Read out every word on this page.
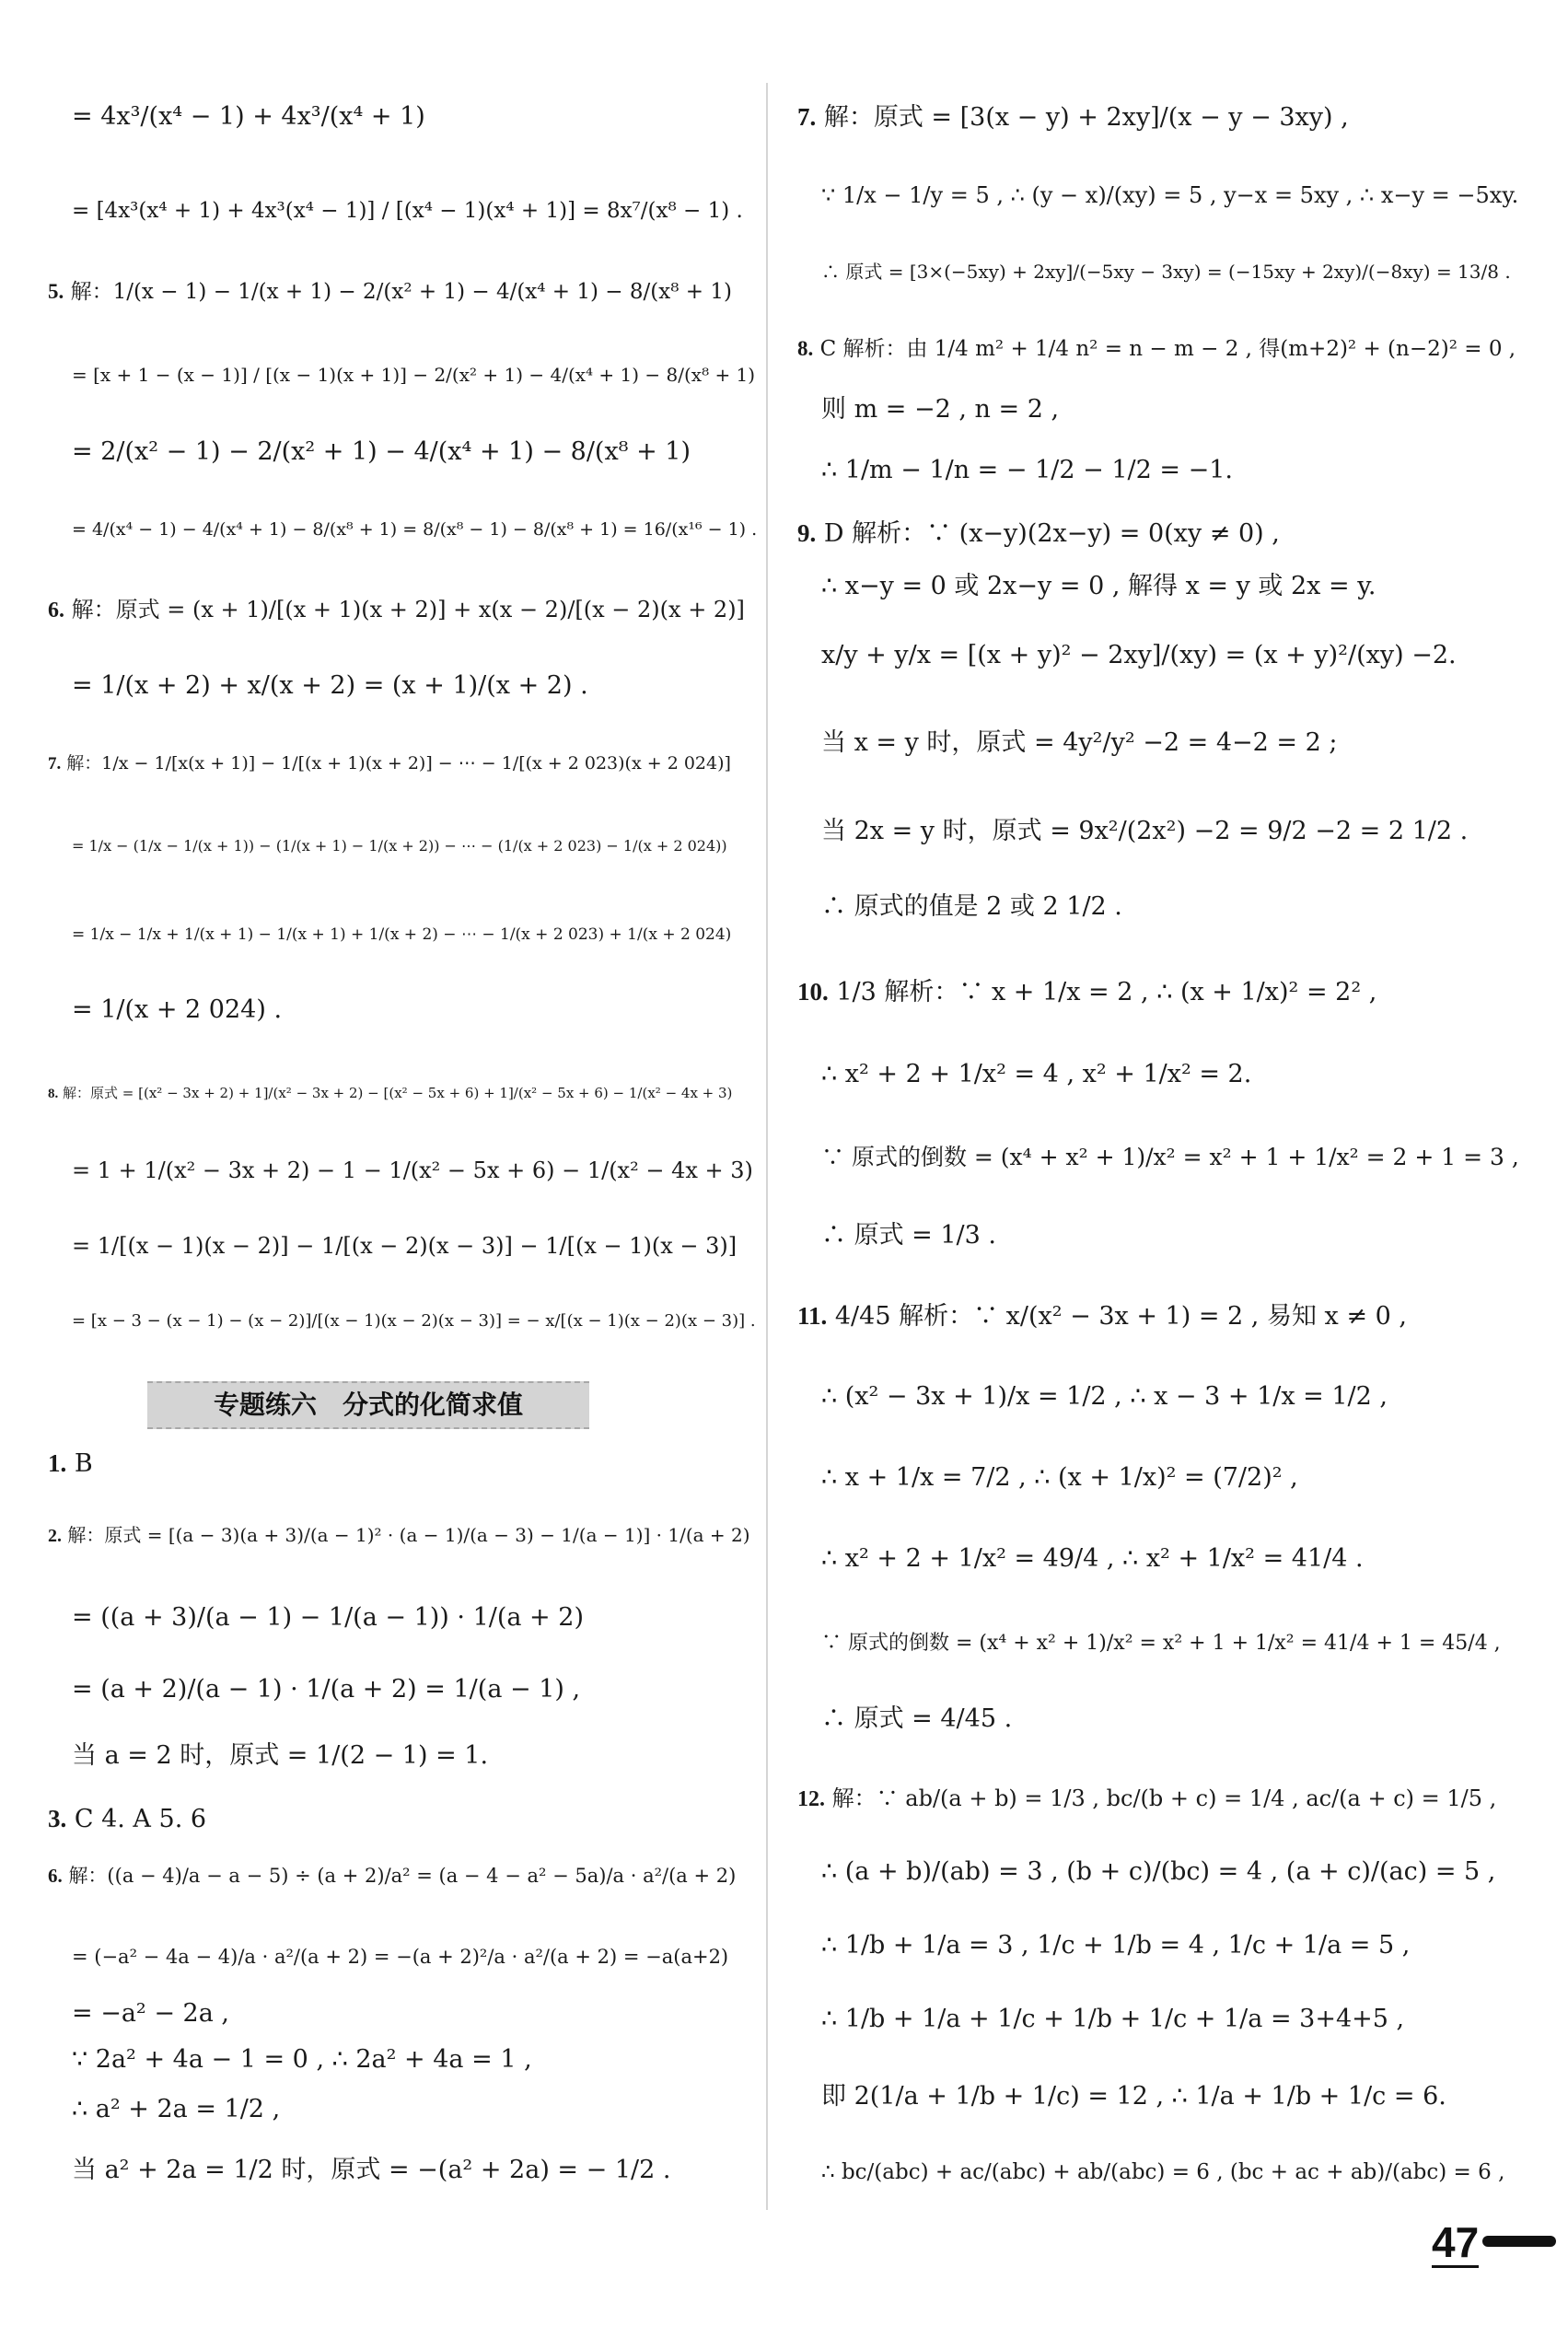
= 4x³/(x⁴ − 1) + 4x³/(x⁴ + 1)
= [4x³(x⁴ + 1) + 4x³(x⁴ − 1)] / [(x⁴ − 1)(x⁴ + 1)] = 8x⁷/(x⁸ − 1) .
5. 解：1/(x − 1) − 1/(x + 1) − 2/(x² + 1) − 4/(x⁴ + 1) − 8/(x⁸ + 1)
= [x + 1 − (x − 1)] / [(x − 1)(x + 1)] − 2/(x² + 1) − 4/(x⁴ + 1) − 8/(x⁸ + 1)
= 2/(x² − 1) − 2/(x² + 1) − 4/(x⁴ + 1) − 8/(x⁸ + 1)
= 4/(x⁴ − 1) − 4/(x⁴ + 1) − 8/(x⁸ + 1) = 8/(x⁸ − 1) − 8/(x⁸ + 1) = 16/(x¹⁶ − 1) .
6. 解：原式 = (x + 1)/[(x + 1)(x + 2)] + x(x − 2)/[(x − 2)(x + 2)]
= 1/(x + 2) + x/(x + 2) = (x + 1)/(x + 2) .
7. 解：1/x − 1/[x(x + 1)] − 1/[(x + 1)(x + 2)] − ⋯ − 1/[(x + 2 023)(x + 2 024)]
= 1/x − (1/x − 1/(x + 1)) − (1/(x + 1) − 1/(x + 2)) − ⋯ − (1/(x + 2 023) − 1/(x + 2 024))
= 1/x − 1/x + 1/(x + 1) − 1/(x + 1) + 1/(x + 2) − ⋯ − 1/(x + 2 023) + 1/(x + 2 024)
= 1/(x + 2 024) .
8. 解：原式 = [(x² − 3x + 2) + 1]/(x² − 3x + 2) − [(x² − 5x + 6) + 1]/(x² − 5x + 6) − 1/(x² − 4x + 3)
= 1 + 1/(x² − 3x + 2) − 1 − 1/(x² − 5x + 6) − 1/(x² − 4x + 3)
= 1/[(x − 1)(x − 2)] − 1/[(x − 2)(x − 3)] − 1/[(x − 1)(x − 3)]
= [x − 3 − (x − 1) − (x − 2)]/[(x − 1)(x − 2)(x − 3)] = − x/[(x − 1)(x − 2)(x − 3)] .
1. B
2. 解：原式 = [(a − 3)(a + 3)/(a − 1)² · (a − 1)/(a − 3) − 1/(a − 1)] · 1/(a + 2)
= ((a + 3)/(a − 1) − 1/(a − 1)) · 1/(a + 2)
= (a + 2)/(a − 1) · 1/(a + 2) = 1/(a − 1) ,
当 a = 2 时，原式 = 1/(2 − 1) = 1.
3. C 4. A 5. 6
6. 解：((a − 4)/a − a − 5) ÷ (a + 2)/a² = (a − 4 − a² − 5a)/a · a²/(a + 2)
= (−a² − 4a − 4)/a · a²/(a + 2) = −(a + 2)²/a · a²/(a + 2) = −a(a+2)
= −a² − 2a ,
∵ 2a² + 4a − 1 = 0 , ∴ 2a² + 4a = 1 ,
∴ a² + 2a = 1/2 ,
当 a² + 2a = 1/2 时，原式 = −(a² + 2a) = − 1/2 .
7. 解：原式 = [3(x − y) + 2xy]/(x − y − 3xy) ,
∵ 1/x − 1/y = 5 , ∴ (y − x)/(xy) = 5 , y−x = 5xy , ∴ x−y = −5xy.
∴ 原式 = [3×(−5xy) + 2xy]/(−5xy − 3xy) = (−15xy + 2xy)/(−8xy) = 13/8 .
8. C 解析：由 1/4 m² + 1/4 n² = n − m − 2 , 得(m+2)² + (n−2)² = 0 ,
则 m = −2 , n = 2 ,
∴ 1/m − 1/n = − 1/2 − 1/2 = −1.
9. D 解析：∵ (x−y)(2x−y) = 0(xy ≠ 0) ,
∴ x−y = 0 或 2x−y = 0 , 解得 x = y 或 2x = y.
x/y + y/x = [(x + y)² − 2xy]/(xy) = (x + y)²/(xy) −2.
当 x = y 时，原式 = 4y²/y² −2 = 4−2 = 2 ;
当 2x = y 时，原式 = 9x²/(2x²) −2 = 9/2 −2 = 2 1/2 .
∴ 原式的值是 2 或 2 1/2 .
10. 1/3 解析：∵ x + 1/x = 2 , ∴ (x + 1/x)² = 2² ,
∴ x² + 2 + 1/x² = 4 , x² + 1/x² = 2.
∵ 原式的倒数 = (x⁴ + x² + 1)/x² = x² + 1 + 1/x² = 2 + 1 = 3 ,
∴ 原式 = 1/3 .
11. 4/45 解析：∵ x/(x² − 3x + 1) = 2 , 易知 x ≠ 0 ,
∴ (x² − 3x + 1)/x = 1/2 , ∴ x − 3 + 1/x = 1/2 ,
∴ x + 1/x = 7/2 , ∴ (x + 1/x)² = (7/2)² ,
∴ x² + 2 + 1/x² = 49/4 , ∴ x² + 1/x² = 41/4 .
∵ 原式的倒数 = (x⁴ + x² + 1)/x² = x² + 1 + 1/x² = 41/4 + 1 = 45/4 ,
∴ 原式 = 4/45 .
12. 解：∵ ab/(a + b) = 1/3 , bc/(b + c) = 1/4 , ac/(a + c) = 1/5 ,
∴ (a + b)/(ab) = 3 , (b + c)/(bc) = 4 , (a + c)/(ac) = 5 ,
∴ 1/b + 1/a = 3 , 1/c + 1/b = 4 , 1/c + 1/a = 5 ,
∴ 1/b + 1/a + 1/c + 1/b + 1/c + 1/a = 3+4+5 ,
即 2(1/a + 1/b + 1/c) = 12 , ∴ 1/a + 1/b + 1/c = 6.
∴ bc/(abc) + ac/(abc) + ab/(abc) = 6 , (bc + ac + ab)/(abc) = 6 ,
专题练六　分式的化简求值
47
